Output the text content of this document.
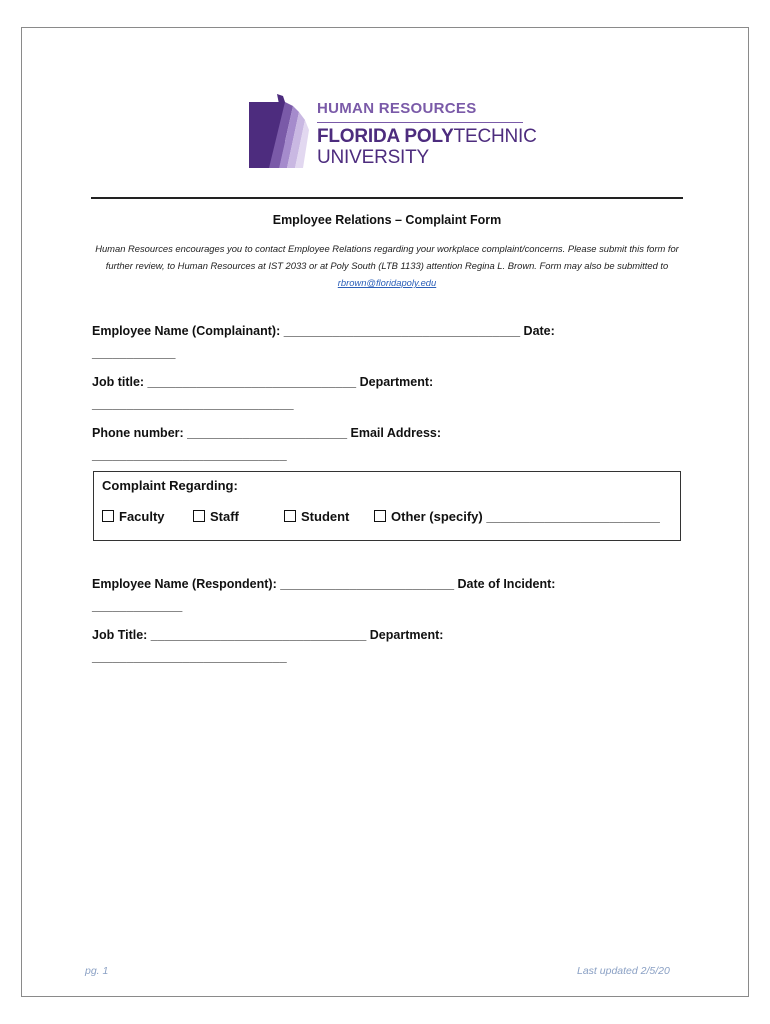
HUMAN RESOURCES
FLORIDA POLYTECHNIC
UNIVERSITY
Employee Relations – Complaint Form
Human Resources encourages you to contact Employee Relations regarding your workplace complaint/concerns. Please submit this form for further review, to Human Resources at IST 2033 or at Poly South (LTB 1133) attention Regina L. Brown. Form may also be submitted to rbrown@floridapoly.edu
Employee Name (Complainant): __________________________________ Date:
____________
Job title: ______________________________ Department:
_____________________________
Phone number: _______________________ Email Address:
____________________________
Complaint Regarding:
Faculty	Staff	Student	Other (specify) ________________________
Employee Name (Respondent): _________________________ Date of Incident:
_____________
Job Title: _______________________________ Department:
____________________________
pg. 1	Last updated 2/5/20
